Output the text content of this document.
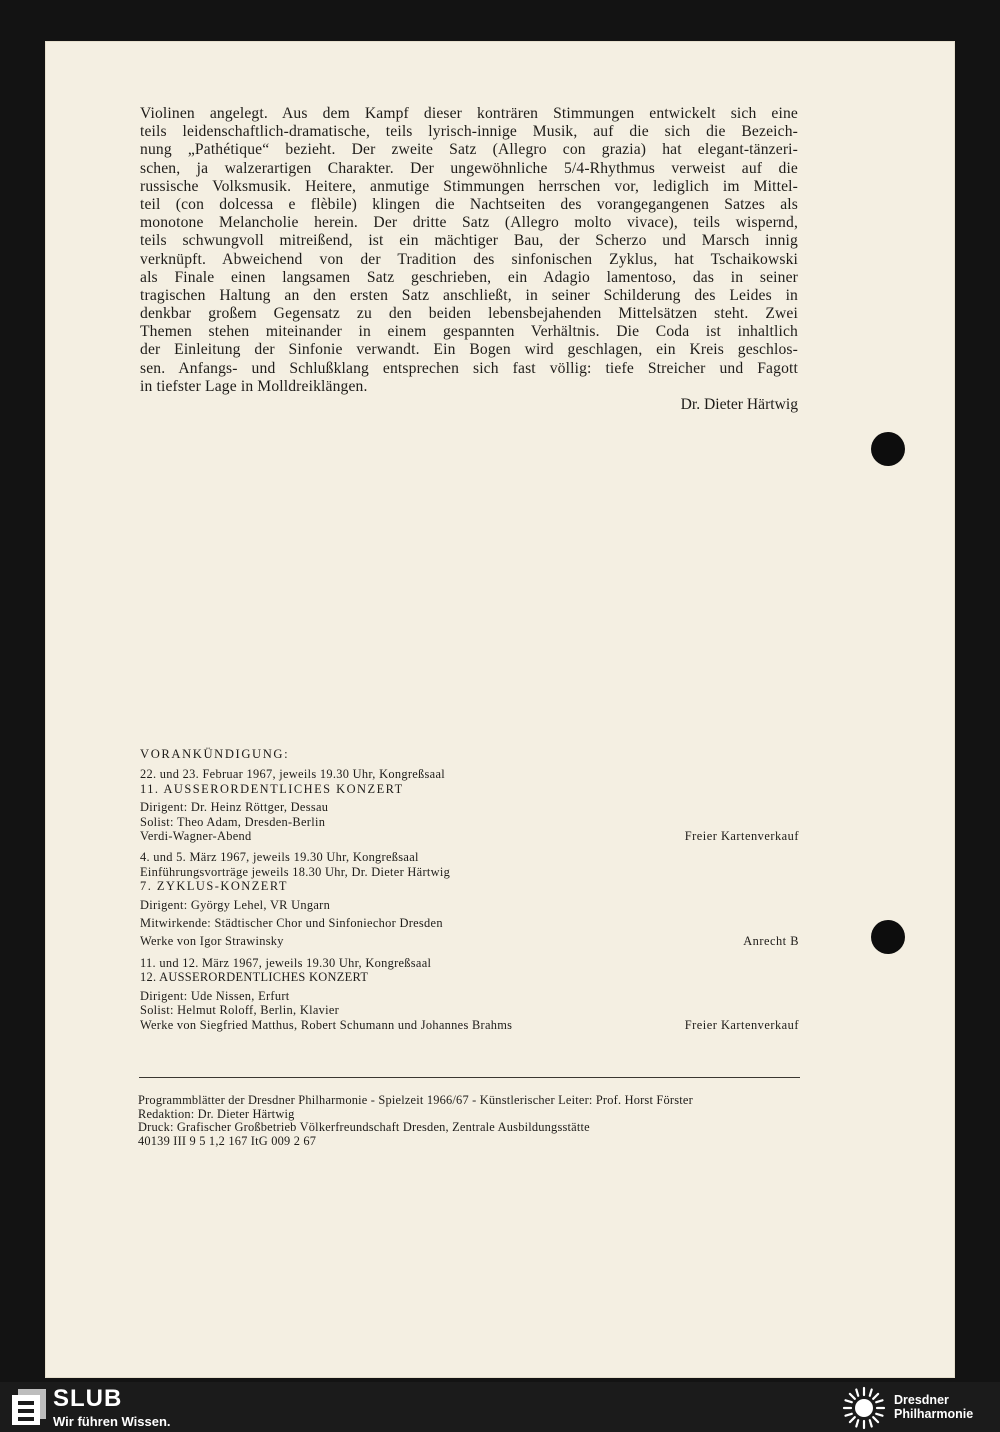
Violinen angelegt. Aus dem Kampf dieser konträren Stimmungen entwickelt sich eine
teils leidenschaftlich-dramatische, teils lyrisch-innige Musik, auf die sich die Bezeich-
nung „Pathétique“ bezieht. Der zweite Satz (Allegro con grazia) hat elegant-tänzeri-
schen, ja walzerartigen Charakter. Der ungewöhnliche 5/4-Rhythmus verweist auf die
russische Volksmusik. Heitere, anmutige Stimmungen herrschen vor, lediglich im Mittel-
teil (con dolcessa e flèbile) klingen die Nachtseiten des vorangegangenen Satzes als
monotone Melancholie herein. Der dritte Satz (Allegro molto vivace), teils wispernd,
teils schwungvoll mitreißend, ist ein mächtiger Bau, der Scherzo und Marsch innig
verknüpft. Abweichend von der Tradition des sinfonischen Zyklus, hat Tschaikowski
als Finale einen langsamen Satz geschrieben, ein Adagio lamentoso, das in seiner
tragischen Haltung an den ersten Satz anschließt, in seiner Schilderung des Leides in
denkbar großem Gegensatz zu den beiden lebensbejahenden Mittelsätzen steht. Zwei
Themen stehen miteinander in einem gespannten Verhältnis. Die Coda ist inhaltlich
der Einleitung der Sinfonie verwandt. Ein Bogen wird geschlagen, ein Kreis geschlos-
sen. Anfangs- und Schlußklang entsprechen sich fast völlig: tiefe Streicher und Fagott
in tiefster Lage in Molldreiklängen.
Dr. Dieter Härtwig
VORANKÜNDIGUNG:
22. und 23. Februar 1967, jeweils 19.30 Uhr, Kongreßsaal
11. AUSSERORDENTLICHES KONZERT
Dirigent: Dr. Heinz Röttger, Dessau
Solist: Theo Adam, Dresden-Berlin
Verdi-Wagner-Abend	Freier Kartenverkauf
4. und 5. März 1967, jeweils 19.30 Uhr, Kongreßsaal
Einführungsvorträge jeweils 18.30 Uhr, Dr. Dieter Härtwig
7. ZYKLUS-KONZERT
Dirigent: György Lehel, VR Ungarn
Mitwirkende: Städtischer Chor und Sinfoniechor Dresden
Werke von Igor Strawinsky	Anrecht B
11. und 12. März 1967, jeweils 19.30 Uhr, Kongreßsaal
12. AUSSERORDENTLICHES KONZERT
Dirigent: Ude Nissen, Erfurt
Solist: Helmut Roloff, Berlin, Klavier
Werke von Siegfried Matthus, Robert Schumann und Johannes Brahms	Freier Kartenverkauf
Programmblätter der Dresdner Philharmonie - Spielzeit 1966/67 - Künstlerischer Leiter: Prof. Horst Förster
Redaktion: Dr. Dieter Härtwig
Druck: Grafischer Großbetrieb Völkerfreundschaft Dresden, Zentrale Ausbildungsstätte
40139 III 9 5 1,2 167 ItG 009 2 67
SLUB
Wir führen Wissen.
Dresdner
Philharmonie
